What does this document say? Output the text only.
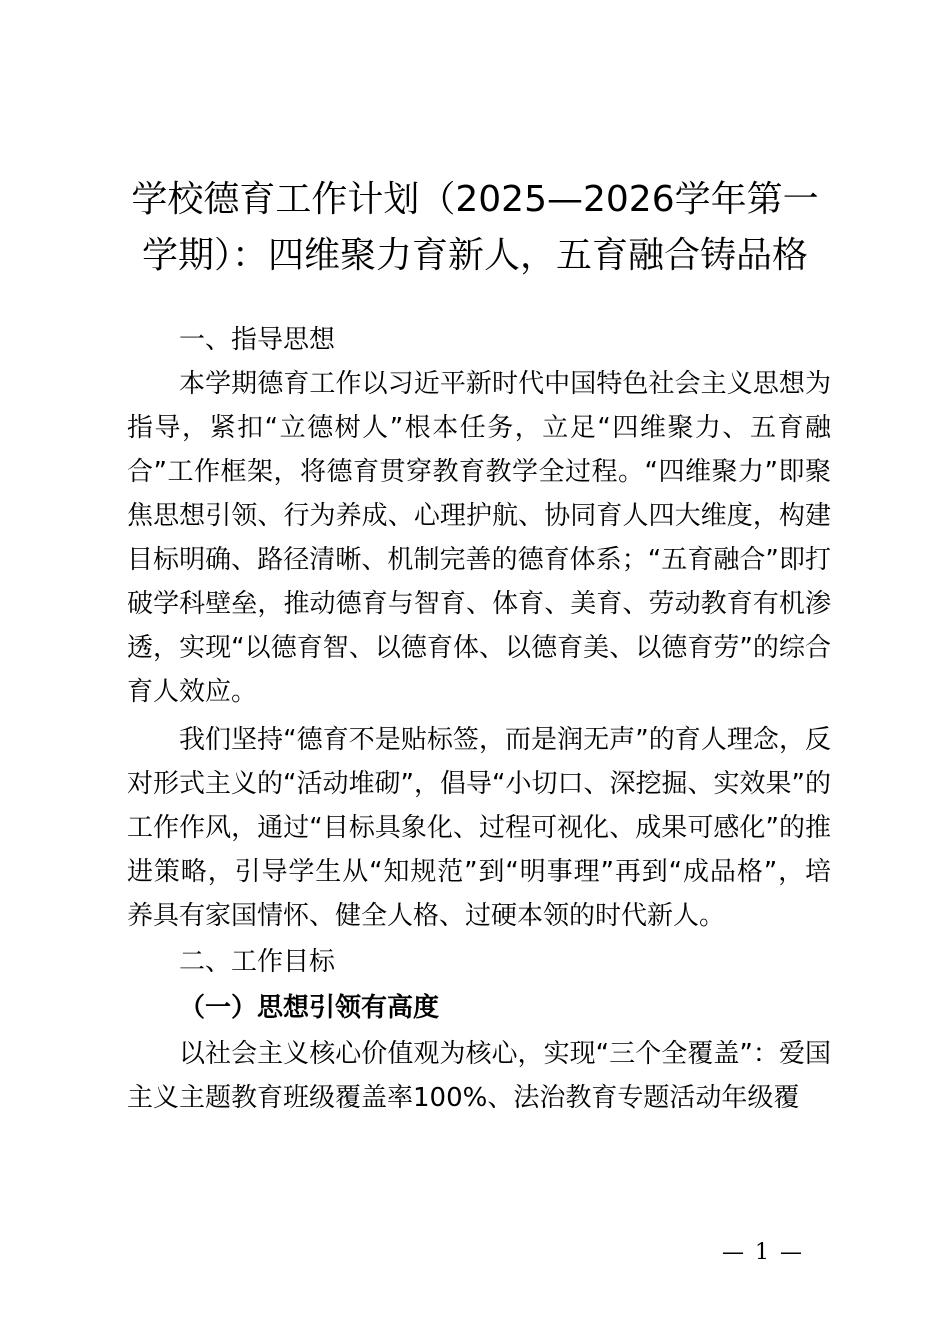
学校德育工作计划（2025—2026学年第一学期）：四维聚力育新人，五育融合铸品格
一、指导思想

本学期德育工作以习近平新时代中国特色社会主义思想为指导，紧扣“立德树人”根本任务，立足“四维聚力、五育融合”工作框架，将德育贯穿教育教学全过程。“四维聚力”即聚焦思想引领、行为养成、心理护航、协同育人四大维度，构建目标明确、路径清晰、机制完善的德育体系；“五育融合”即打破学科壁垒，推动德育与智育、体育、美育、劳动教育有机渗透，实现“以德育智、以德育体、以德育美、以德育劳”的综合育人效应。

我们坚持“德育不是贴标签，而是润无声”的育人理念，反对形式主义的“活动堆砌”，倡导“小切口、深挖掘、实效果”的工作作风，通过“目标具象化、过程可视化、成果可感化”的推进策略，引导学生从“知规范”到“明事理”再到“成品格”，培养具有家国情怀、健全人格、过硬本领的时代新人。

二、工作目标
（一）思想引领有高度

以社会主义核心价值观为核心，实现“三个全覆盖”：爱国主义主题教育班级覆盖率100%、法治教育专题活动年级覆

— 1 —
